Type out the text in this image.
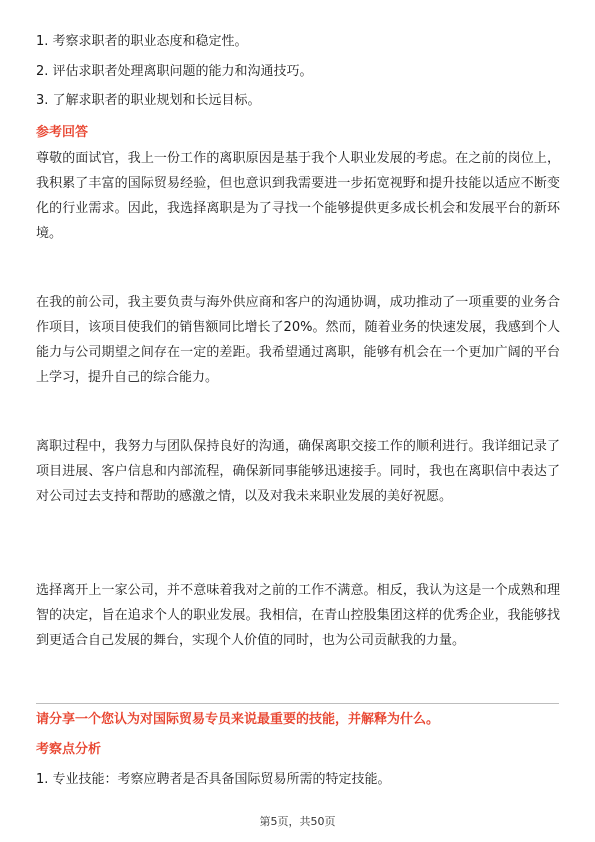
1. 考察求职者的职业态度和稳定性。
2. 评估求职者处理离职问题的能力和沟通技巧。
3. 了解求职者的职业规划和长远目标。
参考回答

尊敬的面试官，我上一份工作的离职原因是基于我个人职业发展的考虑。在之前的岗位上，我积累了丰富的国际贸易经验，但也意识到我需要进一步拓宽视野和提升技能以适应不断变化的行业需求。因此，我选择离职是为了寻找一个能够提供更多成长机会和发展平台的新环境。

在我的前公司，我主要负责与海外供应商和客户的沟通协调，成功推动了一项重要的业务合作项目，该项目使我们的销售额同比增长了20%。然而，随着业务的快速发展，我感到个人能力与公司期望之间存在一定的差距。我希望通过离职，能够有机会在一个更加广阔的平台上学习，提升自己的综合能力。

离职过程中，我努力与团队保持良好的沟通，确保离职交接工作的顺利进行。我详细记录了项目进展、客户信息和内部流程，确保新同事能够迅速接手。同时，我也在离职信中表达了对公司过去支持和帮助的感激之情，以及对我未来职业发展的美好祝愿。

选择离开上一家公司，并不意味着我对之前的工作不满意。相反，我认为这是一个成熟和理智的决定，旨在追求个人的职业发展。我相信，在青山控股集团这样的优秀企业，我能够找到更适合自己发展的舞台，实现个人价值的同时，也为公司贡献我的力量。

请分享一个您认为对国际贸易专员来说最重要的技能，并解释为什么。
考察点分析
1. 专业技能：考察应聘者是否具备国际贸易所需的特定技能。
第5页，共50页
